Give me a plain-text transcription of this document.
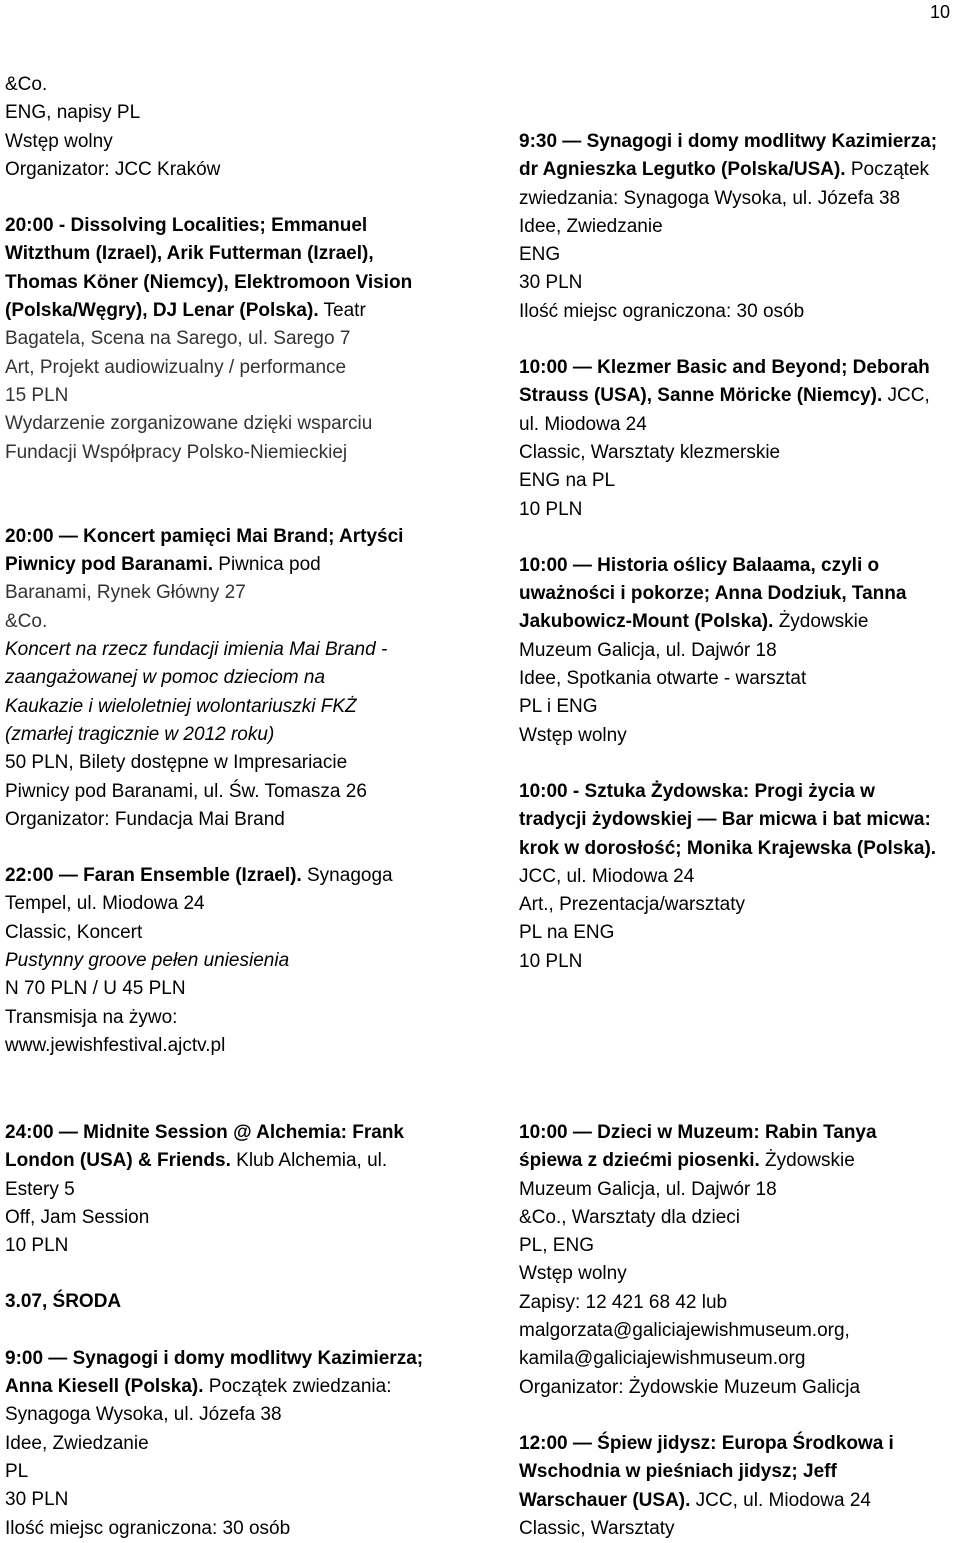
10

&Co.

ENG, napisy PL

Wstęp wolny

Organizator: JCC Kraków

20:00 - Dissolving Localities; Emmanuel

Witzthum (Izrael), Arik Futterman (Izrael),

Thomas Köner (Niemcy), Elektromoon Vision

(Polska/Węgry), DJ Lenar (Polska). Teatr

Bagatela, Scena na Sarego, ul. Sarego 7

Art, Projekt audiowizualny / performance

15 PLN

Wydarzenie zorganizowane dzięki wsparciu

Fundacji Współpracy Polsko-Niemieckiej

20:00 — Koncert pamięci Mai Brand; Artyści

Piwnicy pod Baranami. Piwnica pod

Baranami, Rynek Główny 27

&Co.

Koncert na rzecz fundacji imienia Mai Brand -

zaangażowanej w pomoc dzieciom na

Kaukazie i wieloletniej wolontariuszki FKŻ

(zmarłej tragicznie w 2012 roku)

50 PLN, Bilety dostępne w Impresariacie

Piwnicy pod Baranami, ul. Św. Tomasza 26

Organizator: Fundacja Mai Brand

22:00 — Faran Ensemble (Izrael). Synagoga

Tempel, ul. Miodowa 24

Classic, Koncert

Pustynny groove pełen uniesienia

N 70 PLN / U 45 PLN

Transmisja na żywo:

www.jewishfestival.ajctv.pl

9:30 — Synagogi i domy modlitwy Kazimierza;

dr Agnieszka Legutko (Polska/USA). Początek

zwiedzania: Synagoga Wysoka, ul. Józefa 38

Idee, Zwiedzanie

ENG

30 PLN

Ilość miejsc ograniczona: 30 osób

10:00 — Klezmer Basic and Beyond; Deborah

Strauss (USA), Sanne Möricke (Niemcy). JCC,

ul. Miodowa 24

Classic, Warsztaty klezmerskie

ENG na PL

10 PLN

10:00 — Historia oślicy Balaama, czyli o

uważności i pokorze; Anna Dodziuk, Tanna

Jakubowicz-Mount (Polska). Żydowskie

Muzeum Galicja, ul. Dajwór 18

Idee, Spotkania otwarte - warsztat

PL i ENG

Wstęp wolny

10:00 - Sztuka Żydowska: Progi życia w

tradycji żydowskiej — Bar micwa i bat micwa:

krok w dorosłość; Monika Krajewska (Polska).

JCC, ul. Miodowa 24

Art., Prezentacja/warsztaty

PL na ENG

10 PLN

24:00 — Midnite Session @ Alchemia: Frank

London (USA) & Friends. Klub Alchemia, ul.

Estery 5

Off, Jam Session

10 PLN

3.07, ŚRODA

9:00 — Synagogi i domy modlitwy Kazimierza;

Anna Kiesell (Polska). Początek zwiedzania:

Synagoga Wysoka, ul. Józefa 38

Idee, Zwiedzanie

PL

30 PLN

Ilość miejsc ograniczona: 30 osób

10:00 — Dzieci w Muzeum: Rabin Tanya

śpiewa z dziećmi piosenki. Żydowskie

Muzeum Galicja, ul. Dajwór 18

&Co., Warsztaty dla dzieci

PL, ENG

Wstęp wolny

Zapisy: 12 421 68 42 lub

malgorzata@galiciajewishmuseum.org,

kamila@galiciajewishmuseum.org

Organizator: Żydowskie Muzeum Galicja

12:00 — Śpiew jidysz: Europa Środkowa i

Wschodnia w pieśniach jidysz; Jeff

Warschauer (USA). JCC, ul. Miodowa 24

Classic, Warsztaty
